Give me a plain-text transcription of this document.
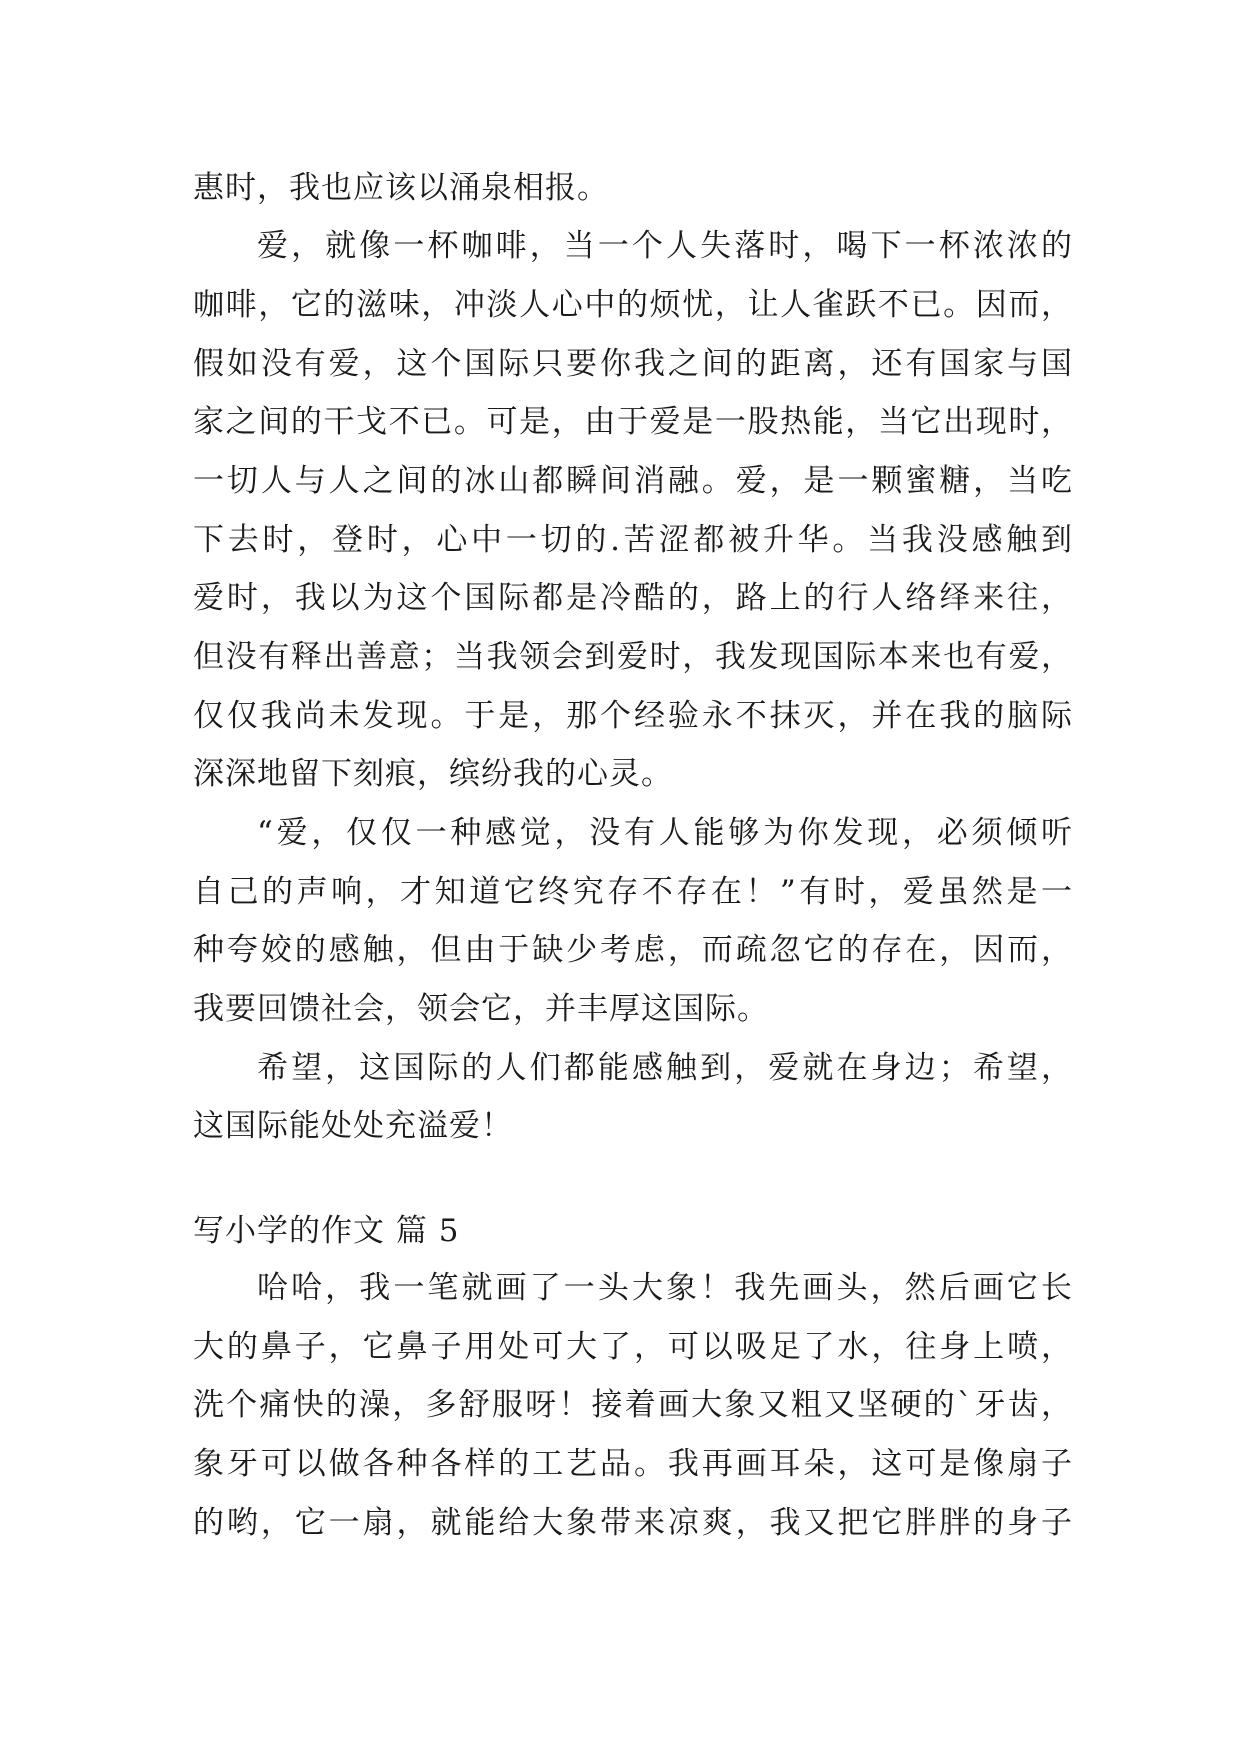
惠时，我也应该以涌泉相报。
爱，就像一杯咖啡，当一个人失落时，喝下一杯浓浓的
咖啡，它的滋味，冲淡人心中的烦忧，让人雀跃不已。因而，
假如没有爱，这个国际只要你我之间的距离，还有国家与国
家之间的干戈不已。可是，由于爱是一股热能，当它出现时，
一切人与人之间的冰山都瞬间消融。爱，是一颗蜜糖，当吃
下去时，登时，心中一切的.苦涩都被升华。当我没感触到
爱时，我以为这个国际都是冷酷的，路上的行人络绎来往，
但没有释出善意；当我领会到爱时，我发现国际本来也有爱，
仅仅我尚未发现。于是，那个经验永不抹灭，并在我的脑际
深深地留下刻痕，缤纷我的心灵。
“爱，仅仅一种感觉，没有人能够为你发现，必须倾听
自己的声响，才知道它终究存不存在！”有时，爱虽然是一
种夸姣的感触，但由于缺少考虑，而疏忽它的存在，因而，
我要回馈社会，领会它，并丰厚这国际。
希望，这国际的人们都能感触到，爱就在身边；希望，
这国际能处处充溢爱！
写小学的作文 篇 5
哈哈，我一笔就画了一头大象！我先画头，然后画它长
大的鼻子，它鼻子用处可大了，可以吸足了水，往身上喷，
洗个痛快的澡，多舒服呀！接着画大象又粗又坚硬的`牙齿，
象牙可以做各种各样的工艺品。我再画耳朵，这可是像扇子
的哟，它一扇，就能给大象带来凉爽，我又把它胖胖的身子
